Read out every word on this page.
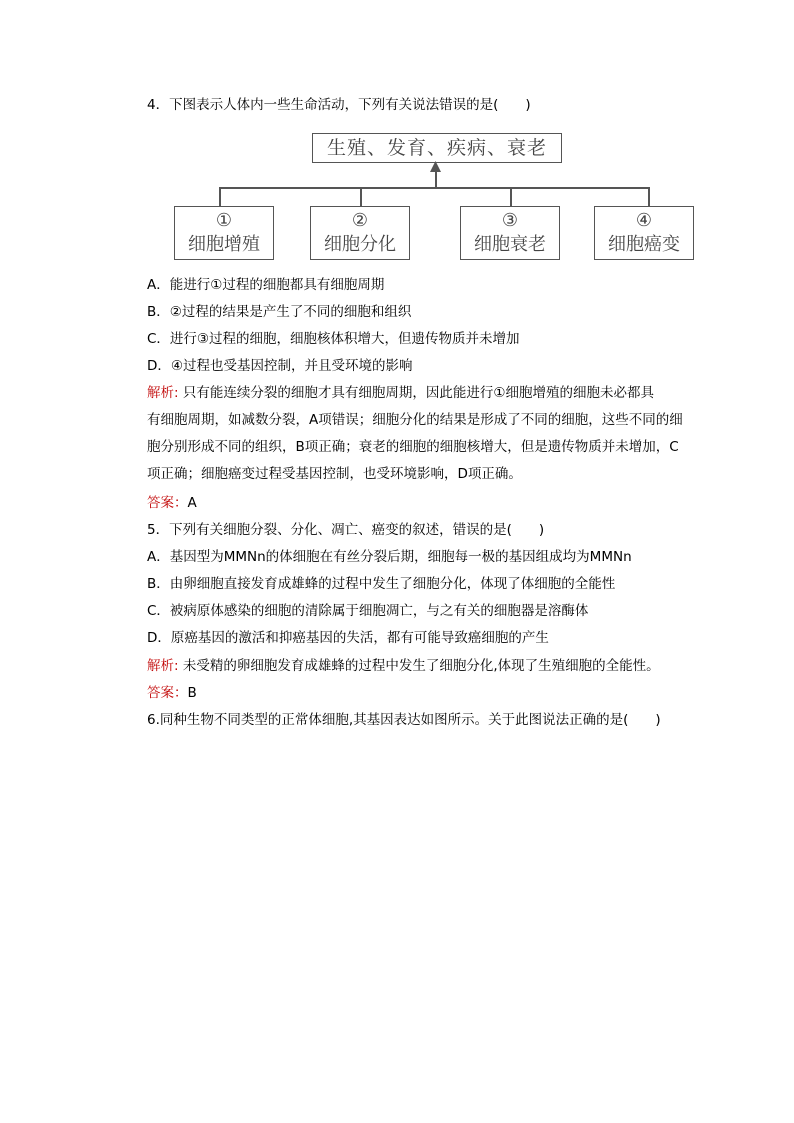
4．下图表示人体内一些生命活动，下列有关说法错误的是(　　)
生殖、发育、疾病、衰老
①
细胞增殖
②
细胞分化
③
细胞衰老
④
细胞癌变
A．能进行①过程的细胞都具有细胞周期
B．②过程的结果是产生了不同的细胞和组织
C．进行③过程的细胞，细胞核体积增大，但遗传物质并未增加
D．④过程也受基因控制，并且受环境的影响
解析: 只有能连续分裂的细胞才具有细胞周期，因此能进行①细胞增殖的细胞未必都具
有细胞周期，如减数分裂，A项错误；细胞分化的结果是形成了不同的细胞，这些不同的细
胞分别形成不同的组织，B项正确；衰老的细胞的细胞核增大，但是遗传物质并未增加，C
项正确；细胞癌变过程受基因控制，也受环境影响，D项正确。
答案：A
5．下列有关细胞分裂、分化、凋亡、癌变的叙述，错误的是(　　)
A．基因型为MMNn的体细胞在有丝分裂后期，细胞每一极的基因组成均为MMNn
B．由卵细胞直接发育成雄蜂的过程中发生了细胞分化，体现了体细胞的全能性
C．被病原体感染的细胞的清除属于细胞凋亡，与之有关的细胞器是溶酶体
D．原癌基因的激活和抑癌基因的失活，都有可能导致癌细胞的产生
解析: 未受精的卵细胞发育成雄蜂的过程中发生了细胞分化,体现了生殖细胞的全能性。
答案：B
6.同种生物不同类型的正常体细胞,其基因表达如图所示。关于此图说法正确的是(　　)
